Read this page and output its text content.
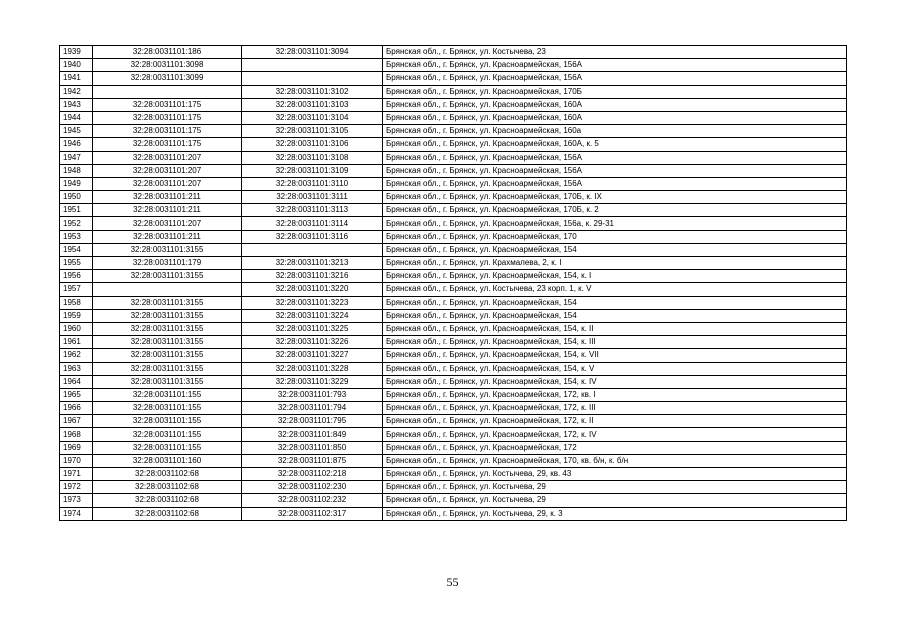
1939	32:28:0031101:186	32:28:0031101:3094	Брянская обл., г. Брянск, ул. Костычева, 23
1940	32:28:0031101:3098		Брянская обл., г. Брянск, ул. Красноармейская, 156А
1941	32:28:0031101:3099		Брянская обл., г. Брянск, ул. Красноармейская, 156А
1942		32:28:0031101:3102	Брянская обл., г. Брянск, ул. Красноармейская, 170Б
1943	32:28:0031101:175	32:28:0031101:3103	Брянская обл., г. Брянск, ул. Красноармейская, 160А
1944	32:28:0031101:175	32:28:0031101:3104	Брянская обл., г. Брянск, ул. Красноармейская, 160А
1945	32:28:0031101:175	32:28:0031101:3105	Брянская обл., г. Брянск, ул. Красноармейская, 160а
1946	32:28:0031101:175	32:28:0031101:3106	Брянская обл., г. Брянск, ул. Красноармейская, 160А, к. 5
1947	32:28:0031101:207	32:28:0031101:3108	Брянская обл., г. Брянск, ул. Красноармейская, 156А
1948	32:28:0031101:207	32:28:0031101:3109	Брянская обл., г. Брянск, ул. Красноармейская, 156А
1949	32:28:0031101:207	32:28:0031101:3110	Брянская обл., г. Брянск, ул. Красноармейская, 156А
1950	32:28:0031101:211	32:28:0031101:3111	Брянская обл., г. Брянск, ул. Красноармейская, 170Б, к. IX
1951	32:28:0031101:211	32:28:0031101:3113	Брянская обл., г. Брянск, ул. Красноармейская, 170Б, к. 2
1952	32:28:0031101:207	32:28:0031101:3114	Брянская обл., г. Брянск, ул. Красноармейская, 156а, к. 29-31
1953	32:28:0031101:211	32:28:0031101:3116	Брянская обл., г. Брянск, ул. Красноармейская, 170
1954	32:28:0031101:3155		Брянская обл., г. Брянск, ул. Красноармейская, 154
1955	32:28:0031101:179	32:28:0031101:3213	Брянская обл., г. Брянск, ул. Крахмалева, 2, к. I
1956	32:28:0031101:3155	32:28:0031101:3216	Брянская обл., г. Брянск, ул. Красноармейская, 154, к. I
1957		32:28:0031101:3220	Брянская обл., г. Брянск, ул. Костычева, 23 корп. 1, к. V
1958	32:28:0031101:3155	32:28:0031101:3223	Брянская обл., г. Брянск, ул. Красноармейская, 154
1959	32:28:0031101:3155	32:28:0031101:3224	Брянская обл., г. Брянск, ул. Красноармейская, 154
1960	32:28:0031101:3155	32:28:0031101:3225	Брянская обл., г. Брянск, ул. Красноармейская, 154, к. II
1961	32:28:0031101:3155	32:28:0031101:3226	Брянская обл., г. Брянск, ул. Красноармейская, 154, к. III
1962	32:28:0031101:3155	32:28:0031101:3227	Брянская обл., г. Брянск, ул. Красноармейская, 154, к. VII
1963	32:28:0031101:3155	32:28:0031101:3228	Брянская обл., г. Брянск, ул. Красноармейская, 154, к. V
1964	32:28:0031101:3155	32:28:0031101:3229	Брянская обл., г. Брянск, ул. Красноармейская, 154, к. IV
1965	32:28:0031101:155	32:28:0031101:793	Брянская обл., г. Брянск, ул. Красноармейская, 172, кв. I
1966	32:28:0031101:155	32:28:0031101:794	Брянская обл., г. Брянск, ул. Красноармейская, 172, к. III
1967	32:28:0031101:155	32:28:0031101:795	Брянская обл., г. Брянск, ул. Красноармейская, 172, к. II
1968	32:28:0031101:155	32:28:0031101:849	Брянская обл., г. Брянск, ул. Красноармейская, 172, к. IV
1969	32:28:0031101:155	32:28:0031101:850	Брянская обл., г. Брянск, ул. Красноармейская, 172
1970	32:28:0031101:160	32:28:0031101:875	Брянская обл., г. Брянск, ул. Красноармейская, 170, кв. б/н, к. б/н
1971	32:28:0031102:68	32:28:0031102:218	Брянская обл., г. Брянск, ул. Костычева, 29, кв. 43
1972	32:28:0031102:68	32:28:0031102:230	Брянская обл., г. Брянск, ул. Костычева, 29
1973	32:28:0031102:68	32:28:0031102:232	Брянская обл., г. Брянск, ул. Костычева, 29
1974	32:28:0031102:68	32:28:0031102:317	Брянская обл., г. Брянск, ул. Костычева, 29, к. 3
55
